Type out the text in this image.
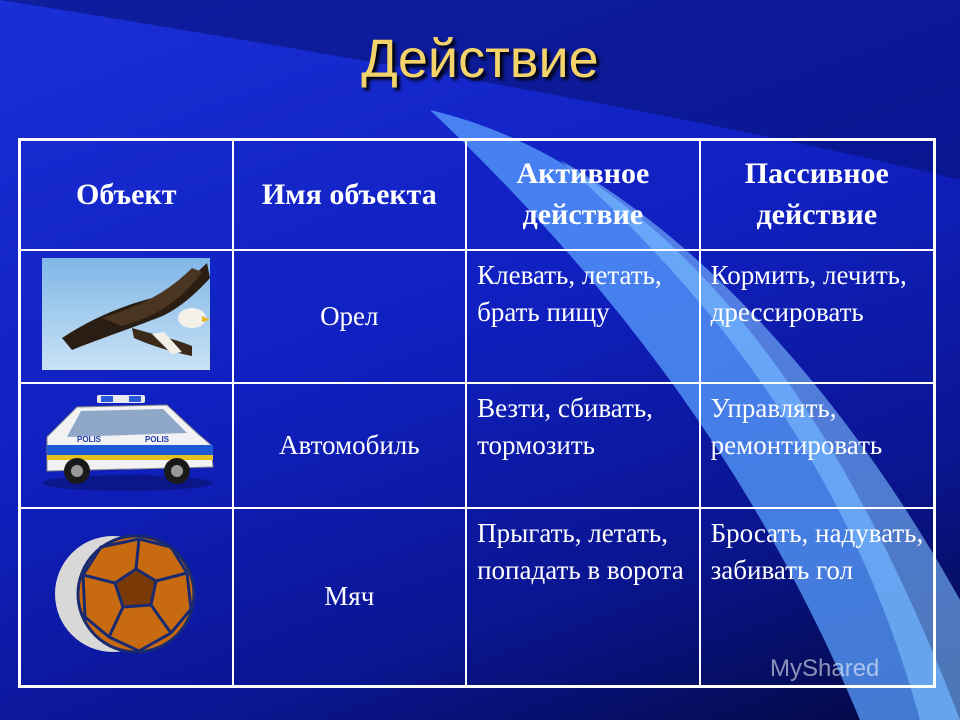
Действие
Объект	Имя объекта	Активное действие	Пассивное действие
	Орел	Клевать, летать, брать пищу	Кормить, лечить, дрессировать

POLIS POLIS	Автомобиль	Везти, сбивать, тормозить	Управлять, ремонтировать
	Мяч	Прыгать, летать, попадать в ворота	Бросать, надувать, забивать гол
MyShared
